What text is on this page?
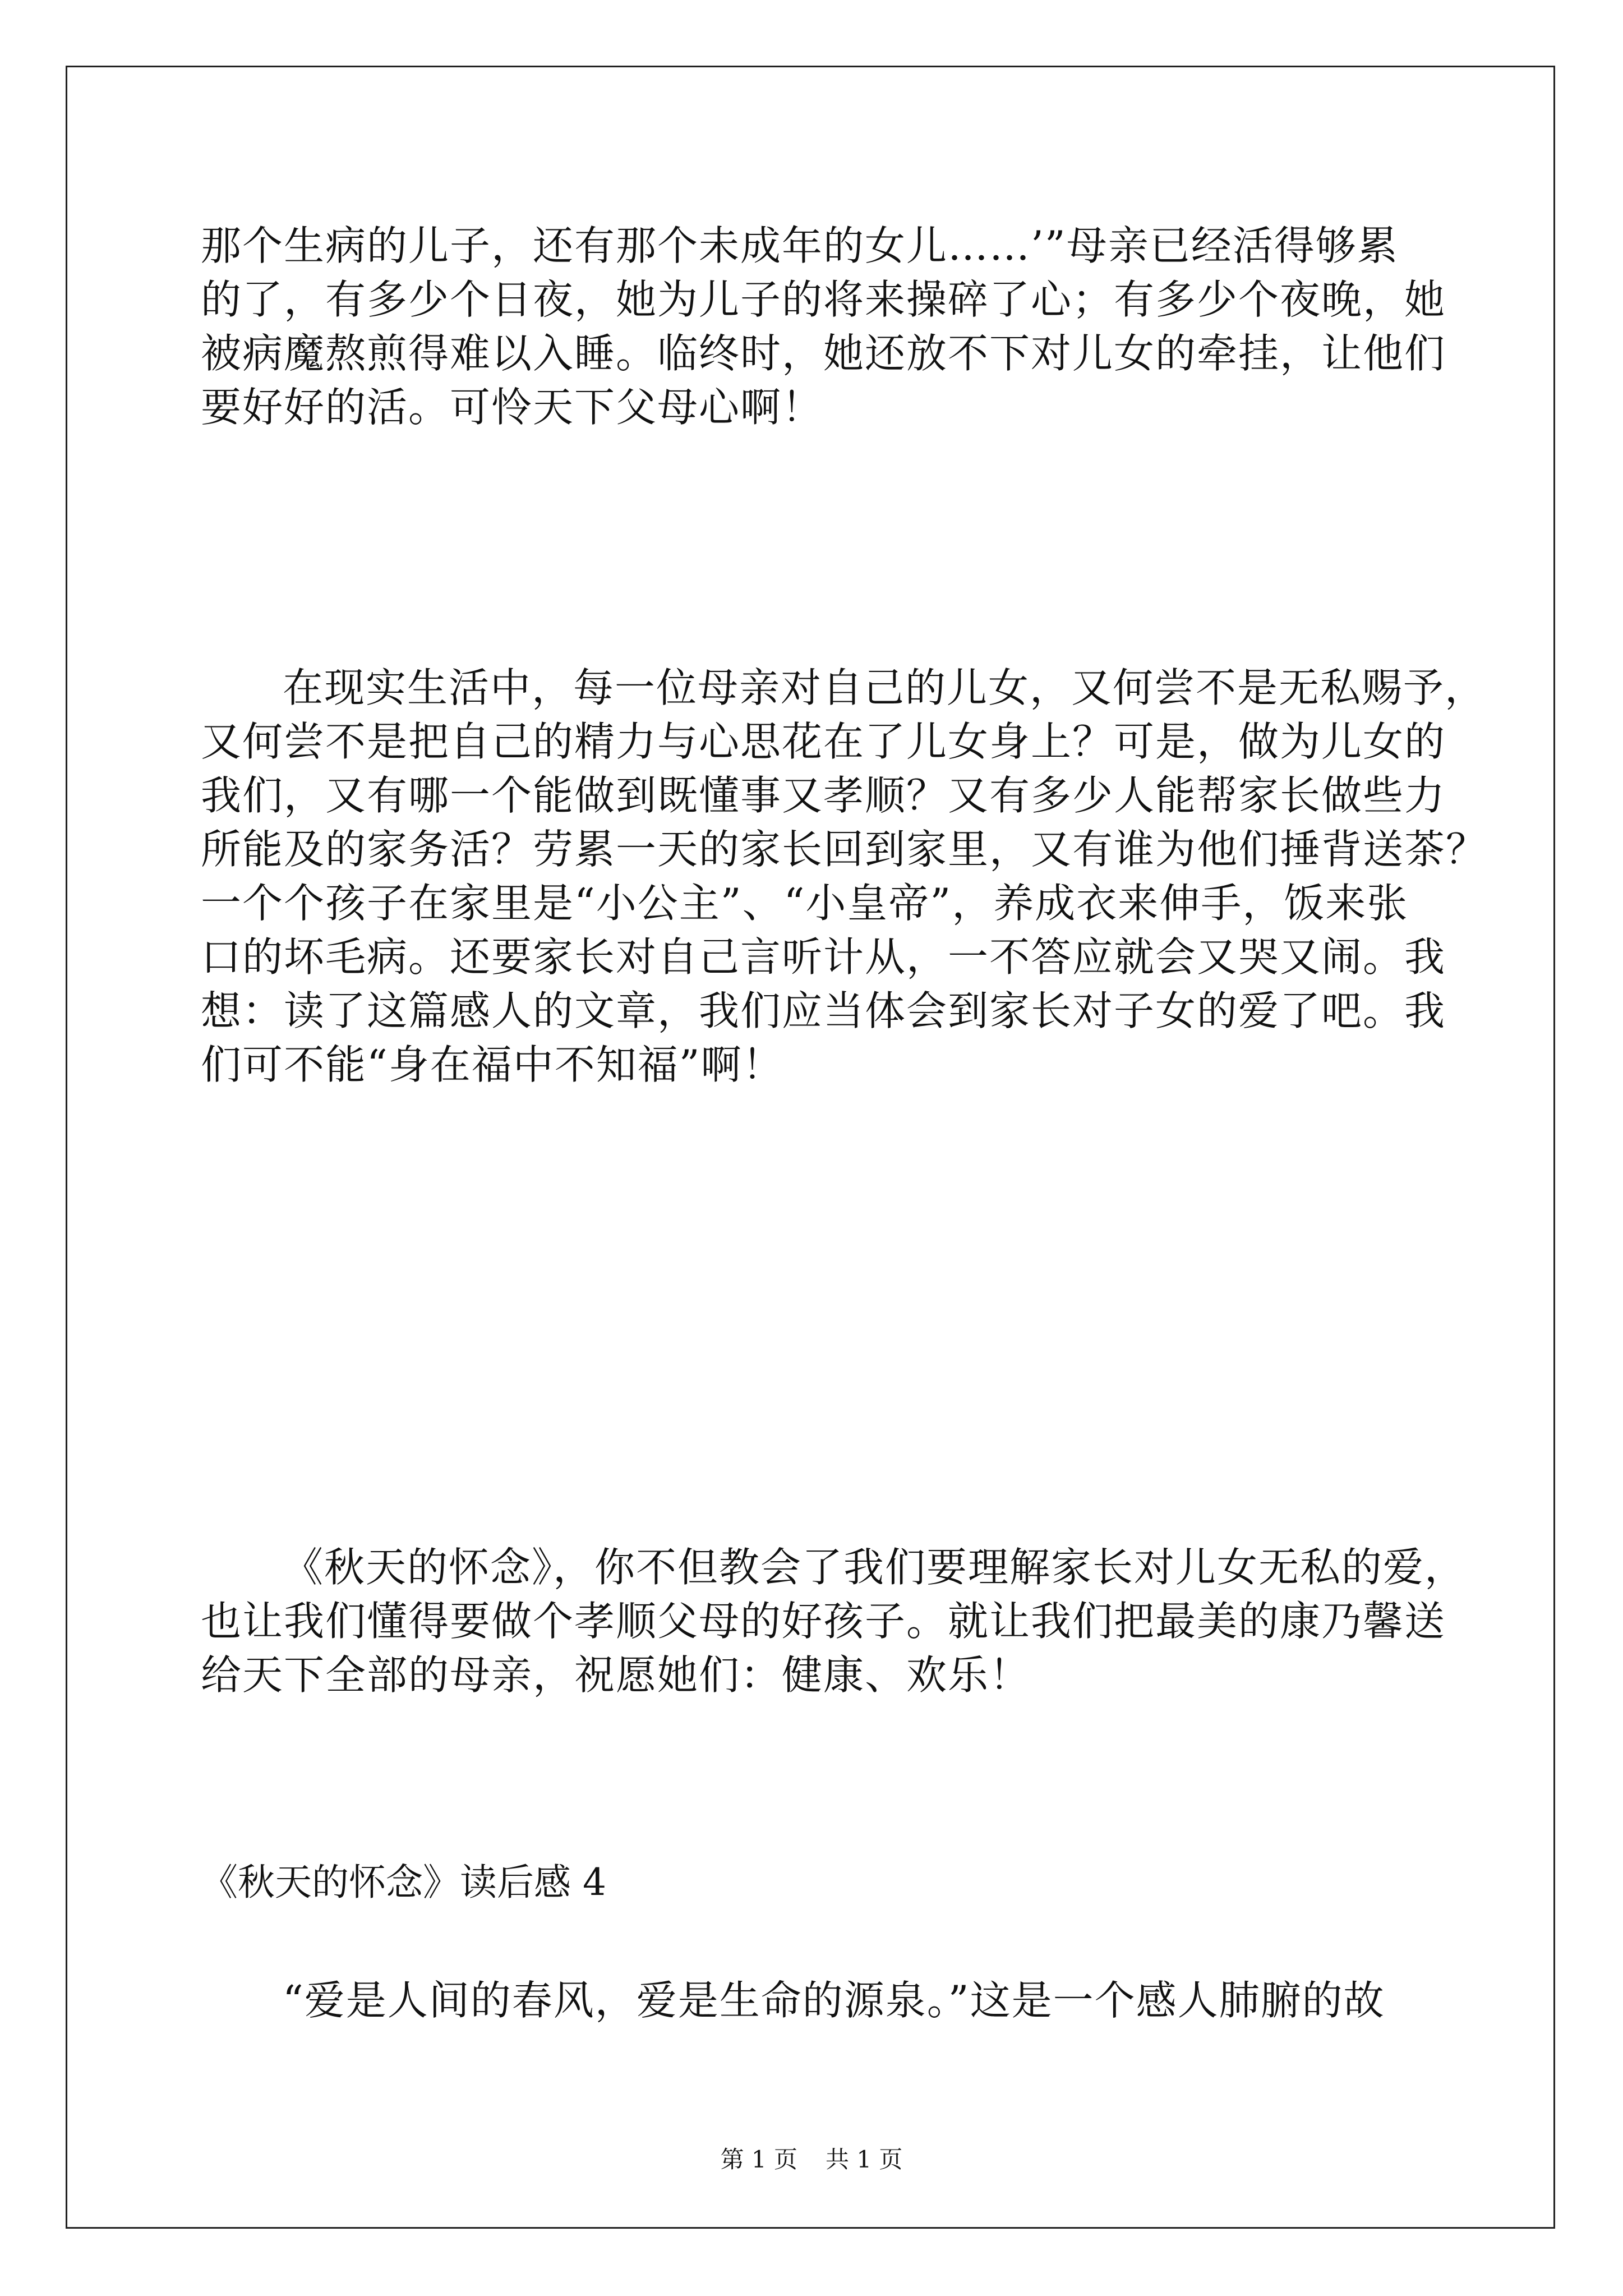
那个生病的儿子，还有那个未成年的女儿……’”母亲已经活得够累
的了，有多少个日夜，她为儿子的将来操碎了心；有多少个夜晚，她
被病魔熬煎得难以入睡。临终时，她还放不下对儿女的牵挂，让他们
要好好的活。可怜天下父母心啊！
在现实生活中，每一位母亲对自己的儿女，又何尝不是无私赐予，
又何尝不是把自己的精力与心思花在了儿女身上？可是，做为儿女的
我们，又有哪一个能做到既懂事又孝顺？又有多少人能帮家长做些力
所能及的家务活？劳累一天的家长回到家里，又有谁为他们捶背送茶？
一个个孩子在家里是“小公主”、“小皇帝”，养成衣来伸手，饭来张
口的坏毛病。还要家长对自己言听计从，一不答应就会又哭又闹。我
想：读了这篇感人的文章，我们应当体会到家长对子女的爱了吧。我
们可不能“身在福中不知福”啊！
《秋天的怀念》，你不但教会了我们要理解家长对儿女无私的爱，
也让我们懂得要做个孝顺父母的好孩子。就让我们把最美的康乃馨送
给天下全部的母亲，祝愿她们：健康、欢乐！
《秋天的怀念》读后感 4
“爱是人间的春风，爱是生命的源泉。”这是一个感人肺腑的故
第 1 页 共 1 页
